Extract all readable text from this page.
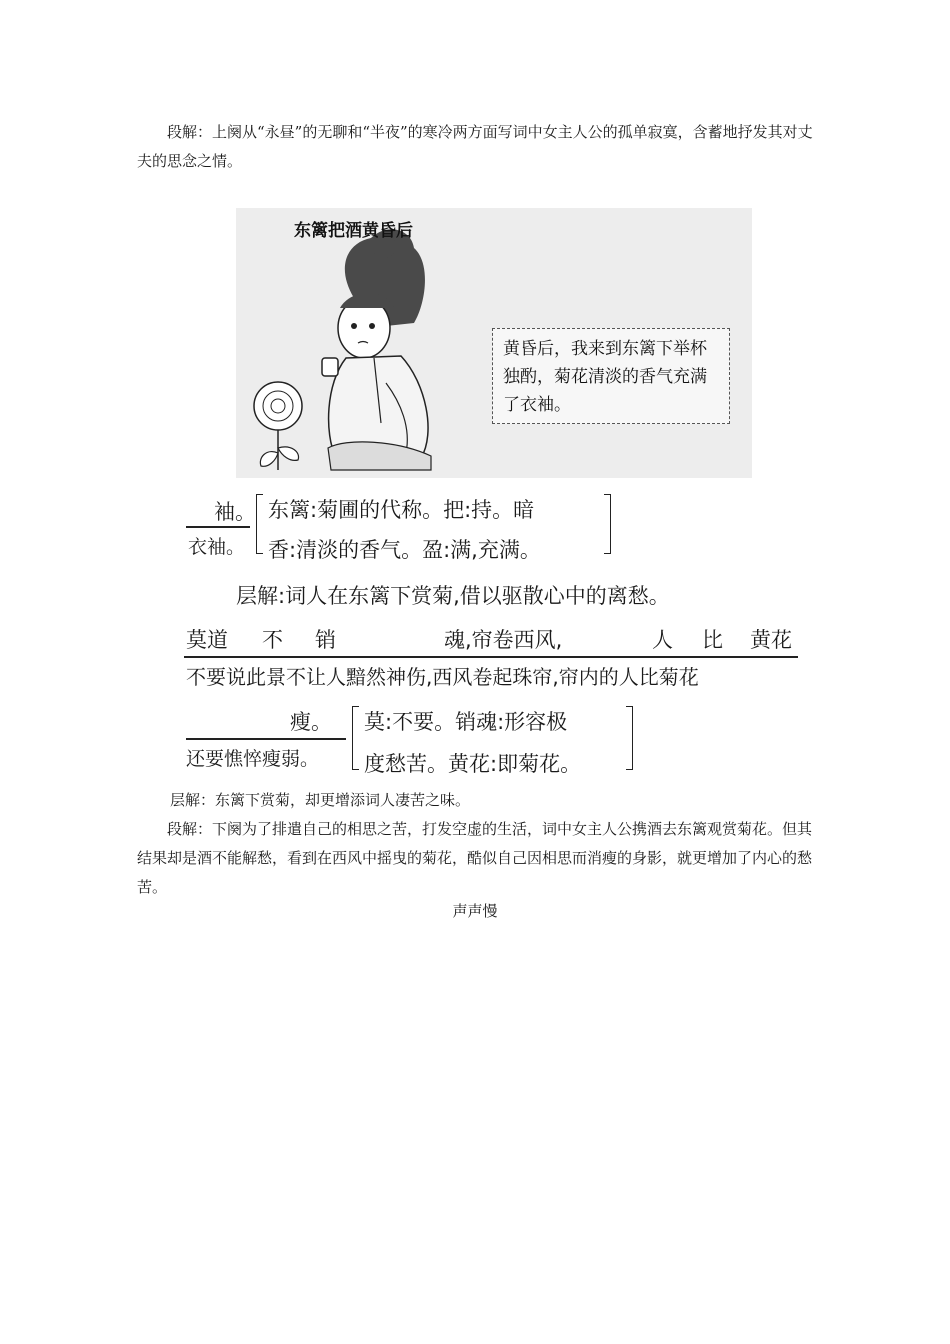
段解：上阕从“永昼”的无聊和“半夜”的寒冷两方面写词中女主人公的孤单寂寞，含蓄地抒发其对丈夫的思念之情。

东篱把酒黄昏后
黄昏后，我来到东篱下举杯独酌，菊花清淡的香气充满了衣袖。
袖。
衣袖。
东篱:菊圃的代称。把:持。暗
香:清淡的香气。盈:满,充满。
层解:词人在东篱下赏菊,借以驱散心中的离愁。
莫道 不 销	魂,帘卷西风,	人 比 黄花
不要说此景不让人黯然神伤,西风卷起珠帘,帘内的人比菊花
瘦。
还要憔悴瘦弱。
莫:不要。销魂:形容极
度愁苦。黄花:即菊花。

层解：东篱下赏菊，却更增添词人凄苦之味。

段解：下阕为了排遣自己的相思之苦，打发空虚的生活，词中女主人公携酒去东篱观赏菊花。但其结果却是酒不能解愁，看到在西风中摇曳的菊花，酷似自己因相思而消瘦的身影，就更增加了内心的愁苦。

声声慢
